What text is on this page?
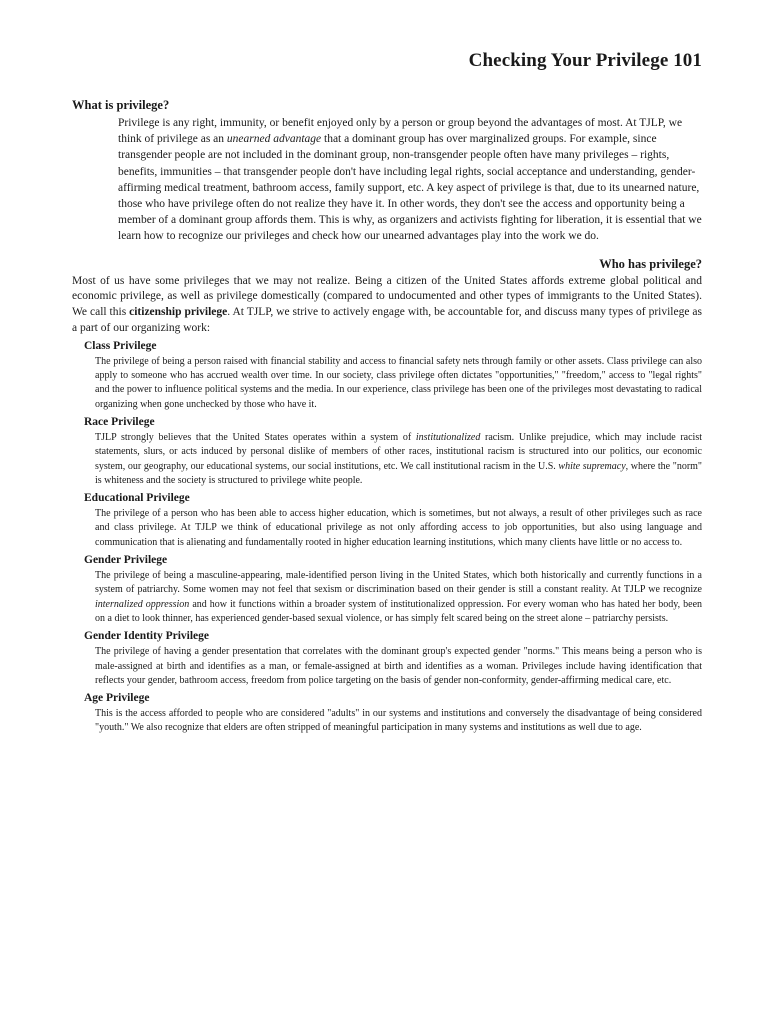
Checking Your Privilege 101
What is privilege?

Privilege is any right, immunity, or benefit enjoyed only by a person or group beyond the advantages of most. At TJLP, we think of privilege as an unearned advantage that a dominant group has over marginalized groups. For example, since transgender people are not included in the dominant group, non-transgender people often have many privileges – rights, benefits, immunities – that transgender people don't have including legal rights, social acceptance and understanding, gender-affirming medical treatment, bathroom access, family support, etc. A key aspect of privilege is that, due to its unearned nature, those who have privilege often do not realize they have it. In other words, they don't see the access and opportunity being a member of a dominant group affords them. This is why, as organizers and activists fighting for liberation, it is essential that we learn how to recognize our privileges and check how our unearned advantages play into the work we do.

Who has privilege?

Most of us have some privileges that we may not realize. Being a citizen of the United States affords extreme global political and economic privilege, as well as privilege domestically (compared to undocumented and other types of immigrants to the United States). We call this citizenship privilege. At TJLP, we strive to actively engage with, be accountable for, and discuss many types of privilege as a part of our organizing work:

Class Privilege

The privilege of being a person raised with financial stability and access to financial safety nets through family or other assets. Class privilege can also apply to someone who has accrued wealth over time. In our society, class privilege often dictates "opportunities," "freedom," access to "legal rights" and the power to influence political systems and the media. In our experience, class privilege has been one of the privileges most devastating to radical organizing when gone unchecked by those who have it.

Race Privilege

TJLP strongly believes that the United States operates within a system of institutionalized racism. Unlike prejudice, which may include racist statements, slurs, or acts induced by personal dislike of members of other races, institutional racism is structured into our politics, our economic system, our geography, our educational systems, our social institutions, etc. We call institutional racism in the U.S. white supremacy, where the "norm" is whiteness and the society is structured to privilege white people.

Educational Privilege

The privilege of a person who has been able to access higher education, which is sometimes, but not always, a result of other privileges such as race and class privilege. At TJLP we think of educational privilege as not only affording access to job opportunities, but also using language and communication that is alienating and fundamentally rooted in higher education learning institutions, which many clients have little or no access to.

Gender Privilege

The privilege of being a masculine-appearing, male-identified person living in the United States, which both historically and currently functions in a system of patriarchy. Some women may not feel that sexism or discrimination based on their gender is still a constant reality. At TJLP we recognize internalized oppression and how it functions within a broader system of institutionalized oppression. For every woman who has hated her body, been on a diet to look thinner, has experienced gender-based sexual violence, or has simply felt scared being on the street alone – patriarchy persists.

Gender Identity Privilege

The privilege of having a gender presentation that correlates with the dominant group's expected gender "norms." This means being a person who is male-assigned at birth and identifies as a man, or female-assigned at birth and identifies as a woman. Privileges include having identification that reflects your gender, bathroom access, freedom from police targeting on the basis of gender non-conformity, gender-affirming medical care, etc.

Age Privilege

This is the access afforded to people who are considered "adults" in our systems and institutions and conversely the disadvantage of being considered "youth." We also recognize that elders are often stripped of meaningful participation in many systems and institutions as well due to age.
